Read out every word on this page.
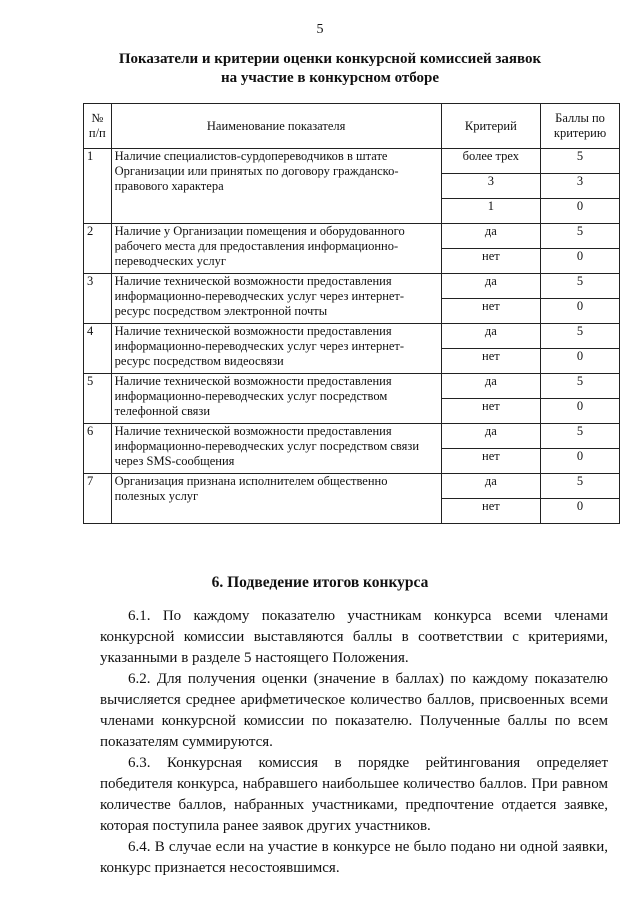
5
Показатели и критерии оценки конкурсной комиссией заявок
на участие в конкурсном отборе
№ п/п	Наименование показателя	Критерий	Баллы по критерию
1	Наличие специалистов-сурдопереводчиков в штате Организации или принятых по договору гражданско-правового характера	более трех	5
		3	3
		1	0
2	Наличие у Организации помещения и оборудованного рабочего места для предоставления информационно-переводческих услуг	да	5
		нет	0
3	Наличие технической возможности предоставления информационно-переводческих услуг через интернет-ресурс посредством электронной почты	да	5
		нет	0
4	Наличие технической возможности предоставления информационно-переводческих услуг через интернет-ресурс посредством видеосвязи	да	5
		нет	0
5	Наличие технической возможности предоставления информационно-переводческих услуг посредством телефонной связи	да	5
		нет	0
6	Наличие технической возможности предоставления информационно-переводческих услуг посредством связи через SMS-сообщения	да	5
		нет	0
7	Организация признана исполнителем общественно полезных услуг	да	5
		нет	0
6. Подведение итогов конкурса

6.1. По каждому показателю участникам конкурса всеми членами конкурсной комиссии выставляются баллы в соответствии с критериями, указанными в разделе 5 настоящего Положения.

6.2. Для получения оценки (значение в баллах) по каждому показателю вычисляется среднее арифметическое количество баллов, присвоенных всеми членами конкурсной комиссии по показателю. Полученные баллы по всем показателям суммируются.

6.3. Конкурсная комиссия в порядке рейтингования определяет победителя конкурса, набравшего наибольшее количество баллов. При равном количестве баллов, набранных участниками, предпочтение отдается заявке, которая поступила ранее заявок других участников.

6.4. В случае если на участие в конкурсе не было подано ни одной заявки, конкурс признается несостоявшимся.
